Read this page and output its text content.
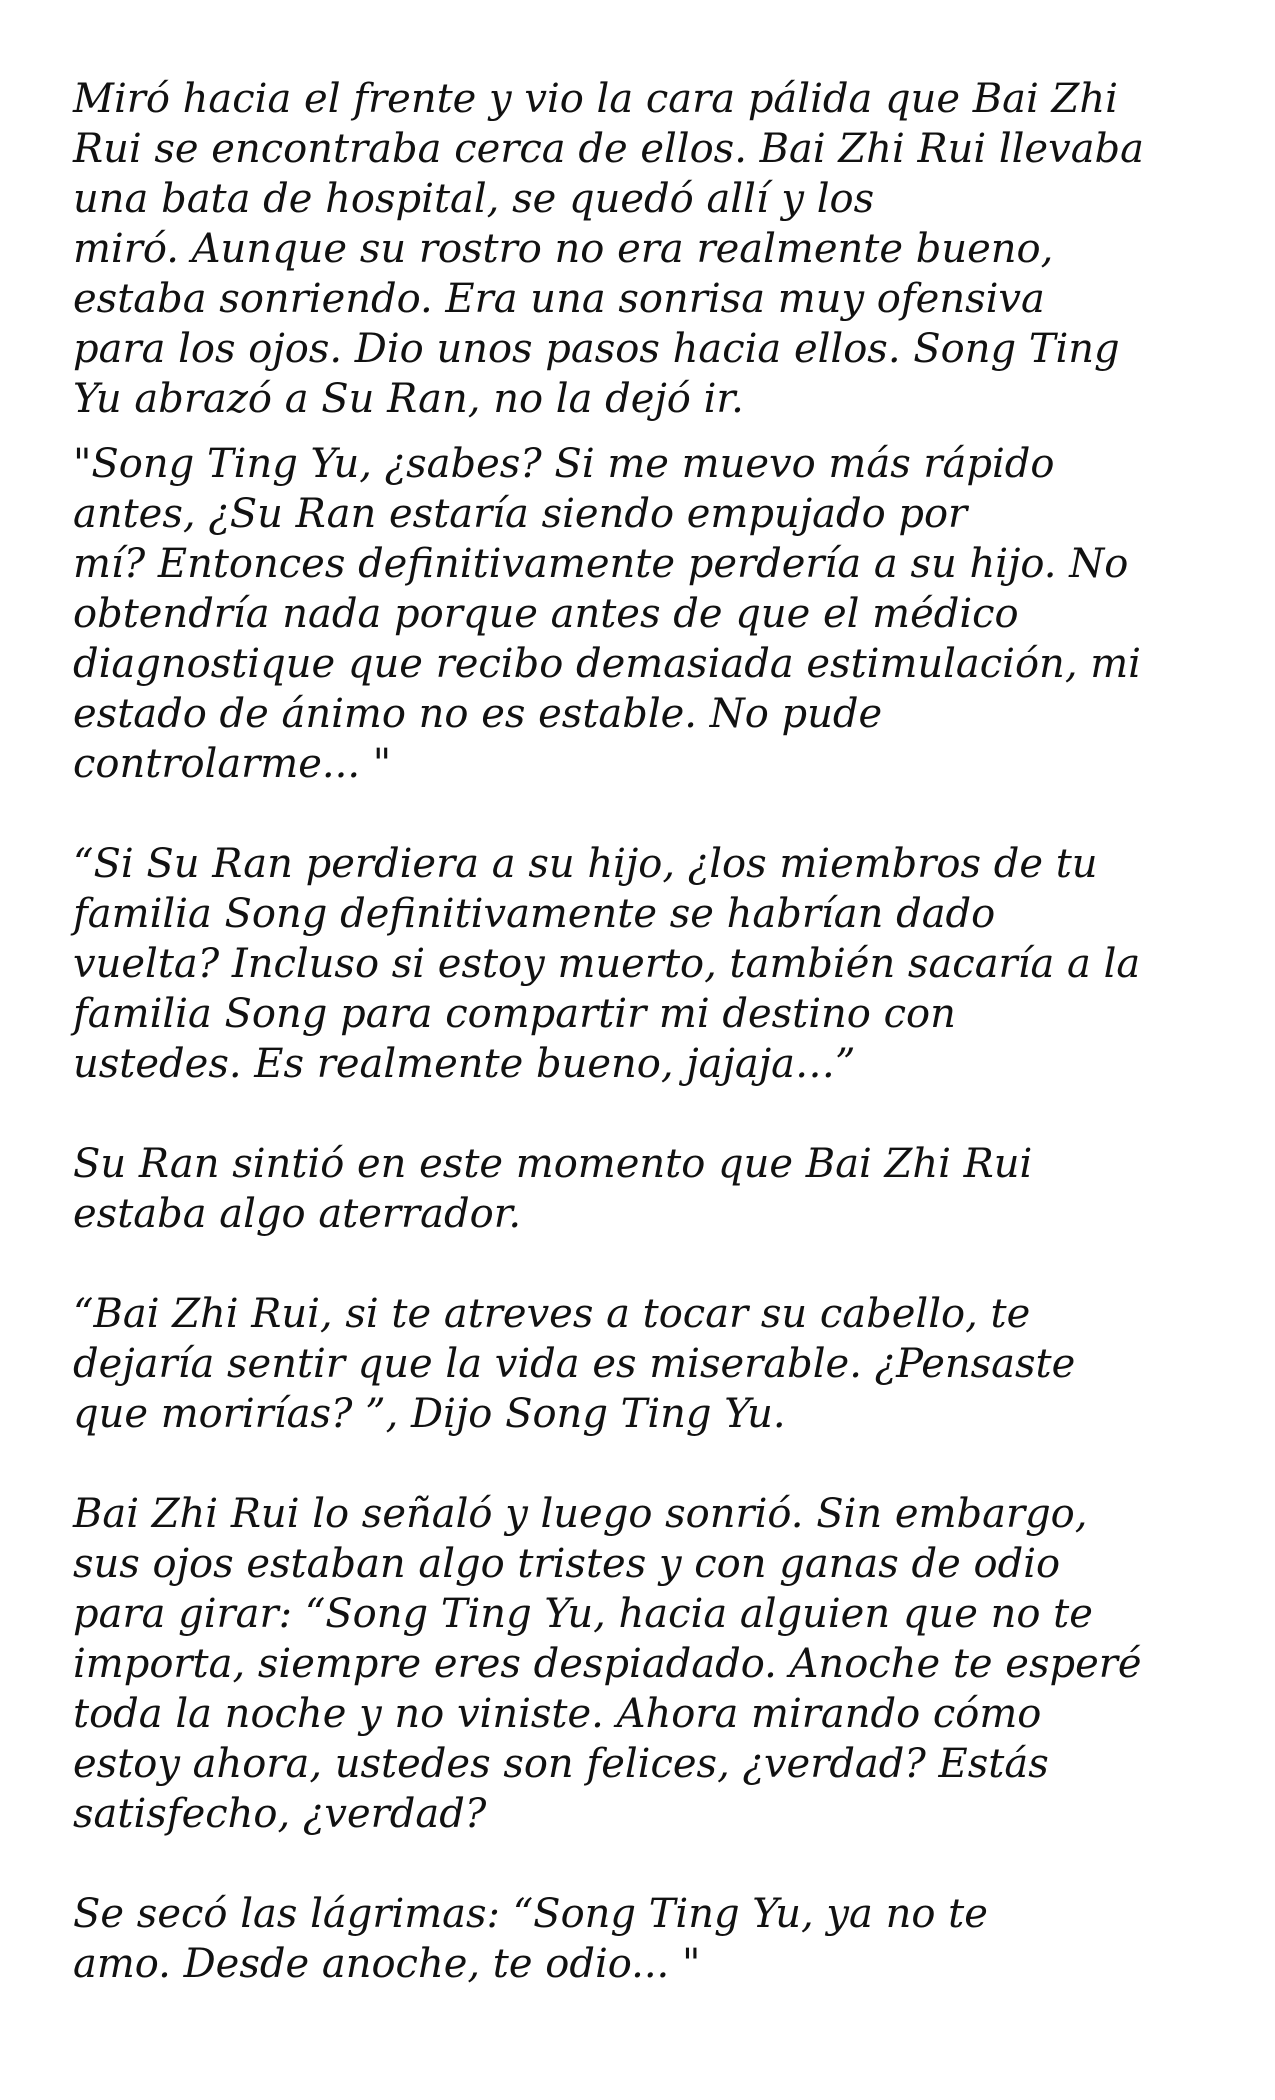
Miró hacia el frente y vio la cara pálida que Bai Zhi
Rui se encontraba cerca de ellos. Bai Zhi Rui llevaba
una bata de hospital, se quedó allí y los
miró. Aunque su rostro no era realmente bueno,
estaba sonriendo. Era una sonrisa muy ofensiva
para los ojos. Dio unos pasos hacia ellos. Song Ting
Yu abrazó a Su Ran, no la dejó ir.

"Song Ting Yu, ¿sabes? Si me muevo más rápido
antes, ¿Su Ran estaría siendo empujado por
mí? Entonces definitivamente perdería a su hijo. No
obtendría nada porque antes de que el médico
diagnostique que recibo demasiada estimulación, mi
estado de ánimo no es estable. No pude
controlarme... "

“Si Su Ran perdiera a su hijo, ¿los miembros de tu
familia Song definitivamente se habrían dado
vuelta? Incluso si estoy muerto, también sacaría a la
familia Song para compartir mi destino con
ustedes. Es realmente bueno, jajaja…”

Su Ran sintió en este momento que Bai Zhi Rui
estaba algo aterrador.

“Bai Zhi Rui, si te atreves a tocar su cabello, te
dejaría sentir que la vida es miserable. ¿Pensaste
que morirías? ”, Dijo Song Ting Yu.

Bai Zhi Rui lo señaló y luego sonrió. Sin embargo,
sus ojos estaban algo tristes y con ganas de odio
para girar: “Song Ting Yu, hacia alguien que no te
importa, siempre eres despiadado. Anoche te esperé
toda la noche y no viniste. Ahora mirando cómo
estoy ahora, ustedes son felices, ¿verdad? Estás
satisfecho, ¿verdad?

Se secó las lágrimas: “Song Ting Yu, ya no te
amo. Desde anoche, te odio... "
